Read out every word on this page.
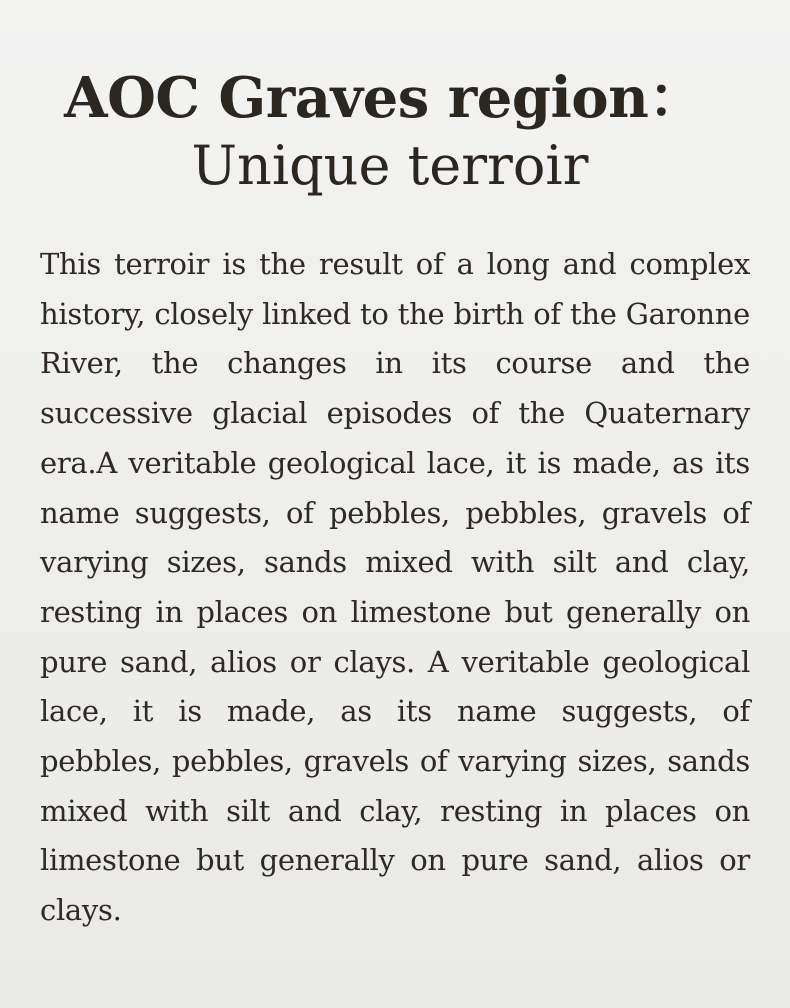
AOC Graves region：
Unique terroir

This terroir is the result of a long and complex history, closely linked to the birth of the Garonne River, the changes in its course and the successive glacial episodes of the Quaternary era.A veritable geological lace, it is made, as its name suggests, of pebbles, pebbles, gravels of varying sizes, sands mixed with silt and clay, resting in places on limestone but generally on pure sand, alios or clays. A veritable geological lace, it is made, as its name suggests, of pebbles, pebbles, gravels of varying sizes, sands mixed with silt and clay, resting in places on limestone but generally on pure sand, alios or clays.
